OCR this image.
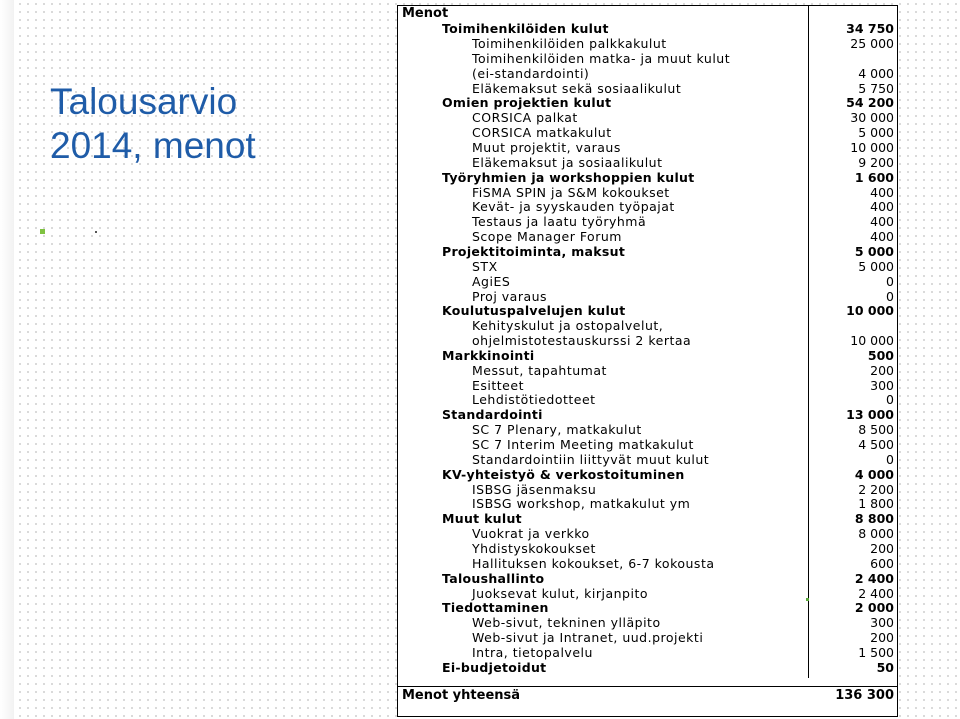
Talousarvio
2014, menot
Menot
Toimihenkilöiden kulut	34 750
Toimihenkilöiden palkkakulut	25 000
Toimihenkilöiden matka- ja muut kulut
(ei-standardointi)	4 000
Eläkemaksut sekä sosiaalikulut	5 750
Omien projektien kulut	54 200
CORSICA palkat	30 000
CORSICA matkakulut	5 000
Muut projektit, varaus	10 000
Eläkemaksut ja sosiaalikulut	9 200
Työryhmien ja workshoppien kulut	1 600
FiSMA SPIN ja S&M kokoukset	400
Kevät- ja syyskauden työpajat	400
Testaus ja laatu työryhmä	400
Scope Manager Forum	400
Projektitoiminta, maksut	5 000
STX	5 000
AgiES	0
Proj varaus	0
Koulutuspalvelujen kulut	10 000
Kehityskulut ja ostopalvelut,
ohjelmistotestauskurssi 2 kertaa	10 000
Markkinointi	500
Messut, tapahtumat	200
Esitteet	300
Lehdistötiedotteet	0
Standardointi	13 000
SC 7 Plenary, matkakulut	8 500
SC 7 Interim Meeting matkakulut	4 500
Standardointiin liittyvät muut kulut	0
KV-yhteistyö & verkostoituminen	4 000
ISBSG jäsenmaksu	2 200
ISBSG workshop, matkakulut ym	1 800
Muut kulut	8 800
Vuokrat ja verkko	8 000
Yhdistyskokoukset	200
Hallituksen kokoukset, 6-7 kokousta	600
Taloushallinto	2 400
Juoksevat kulut, kirjanpito	2 400
Tiedottaminen	2 000
Web-sivut, tekninen ylläpito	300
Web-sivut ja Intranet, uud.projekti	200
Intra, tietopalvelu	1 500
Ei-budjetoidut	50
Menot yhteensä	136 300
